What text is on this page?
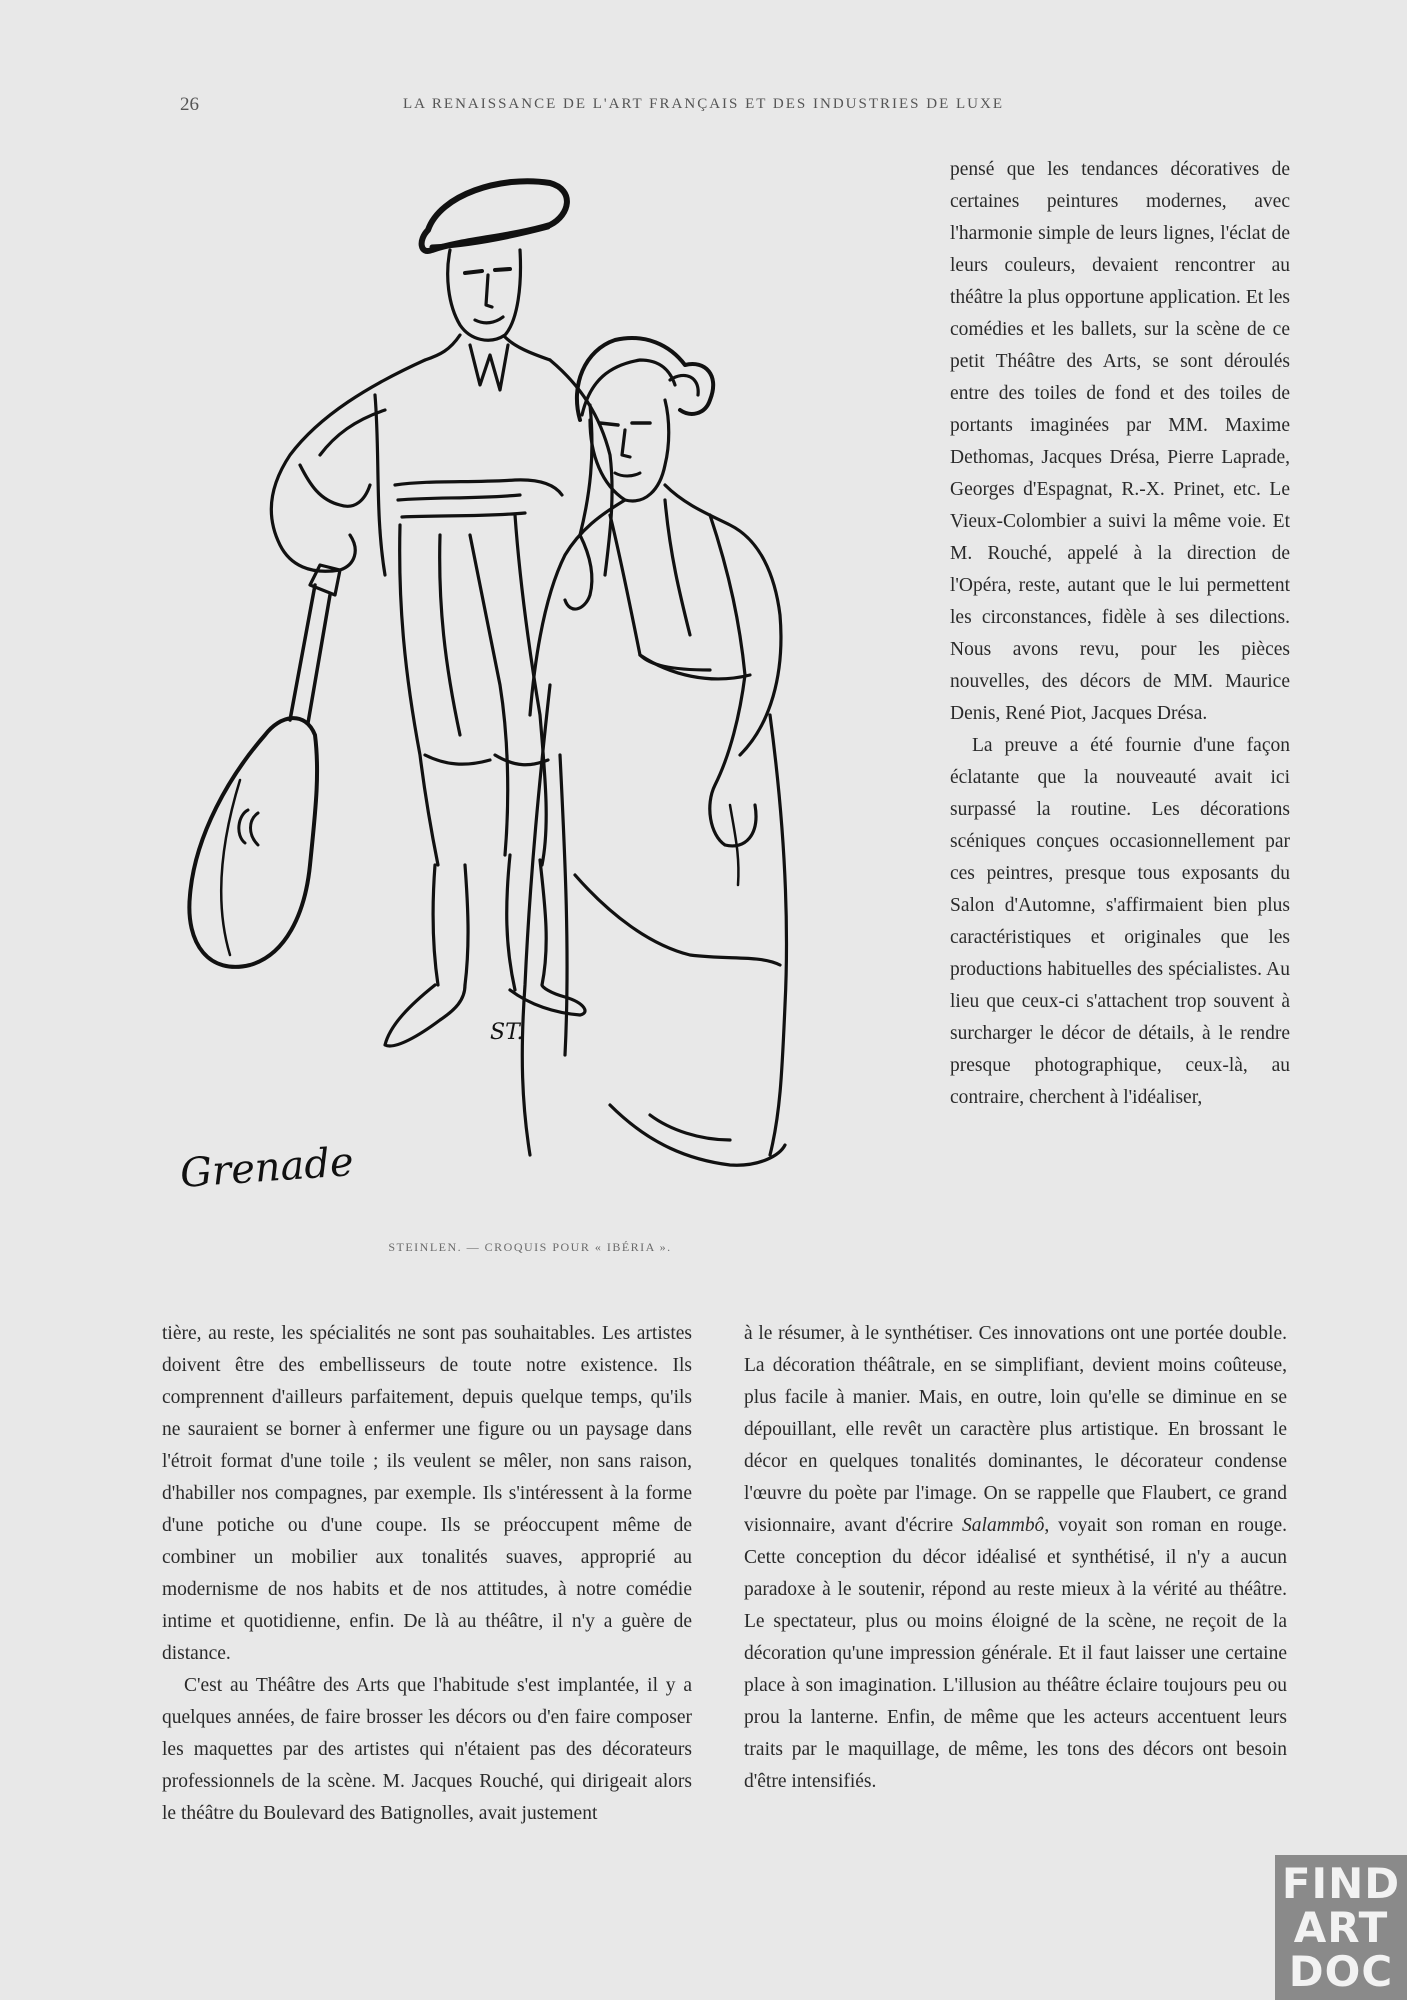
26	LA RENAISSANCE DE L'ART FRANÇAIS ET DES INDUSTRIES DE LUXE
Grenade
ST.
STEINLEN. — CROQUIS POUR « IBÉRIA ».

pensé que les tendances décoratives de certaines peintures modernes, avec l'harmonie simple de leurs lignes, l'éclat de leurs couleurs, devaient rencontrer au théâtre la plus opportune application. Et les comédies et les ballets, sur la scène de ce petit Théâtre des Arts, se sont déroulés entre des toiles de fond et des toiles de portants imaginées par MM. Maxime Dethomas, Jacques Drésa, Pierre Laprade, Georges d'Espagnat, R.-X. Prinet, etc. Le Vieux-Colombier a suivi la même voie. Et M. Rouché, appelé à la direction de l'Opéra, reste, autant que le lui permettent les circonstances, fidèle à ses dilections. Nous avons revu, pour les pièces nouvelles, des décors de MM. Maurice Denis, René Piot, Jacques Drésa.

La preuve a été fournie d'une façon éclatante que la nouveauté avait ici surpassé la routine. Les décorations scéniques conçues occasionnellement par ces peintres, presque tous exposants du Salon d'Automne, s'affirmaient bien plus caractéristiques et originales que les productions habituelles des spécialistes. Au lieu que ceux-ci s'attachent trop souvent à surcharger le décor de détails, à le rendre presque photographique, ceux-là, au contraire, cherchent à l'idéaliser,

tière, au reste, les spécialités ne sont pas souhaitables. Les artistes doivent être des embellisseurs de toute notre existence. Ils comprennent d'ailleurs parfaitement, depuis quelque temps, qu'ils ne sauraient se borner à enfermer une figure ou un paysage dans l'étroit format d'une toile ; ils veulent se mêler, non sans raison, d'habiller nos compagnes, par exemple. Ils s'intéressent à la forme d'une potiche ou d'une coupe. Ils se préoccupent même de combiner un mobilier aux tonalités suaves, approprié au modernisme de nos habits et de nos attitudes, à notre comédie intime et quotidienne, enfin. De là au théâtre, il n'y a guère de distance.

C'est au Théâtre des Arts que l'habitude s'est implantée, il y a quelques années, de faire brosser les décors ou d'en faire composer les maquettes par des artistes qui n'étaient pas des décorateurs professionnels de la scène. M. Jacques Rouché, qui dirigeait alors le théâtre du Boulevard des Batignolles, avait justement

à le résumer, à le synthétiser. Ces innovations ont une portée double. La décoration théâtrale, en se simplifiant, devient moins coûteuse, plus facile à manier. Mais, en outre, loin qu'elle se diminue en se dépouillant, elle revêt un caractère plus artistique. En brossant le décor en quelques tonalités dominantes, le décorateur condense l'œuvre du poète par l'image. On se rappelle que Flaubert, ce grand visionnaire, avant d'écrire Salammbô, voyait son roman en rouge. Cette conception du décor idéalisé et synthétisé, il n'y a aucun paradoxe à le soutenir, répond au reste mieux à la vérité au théâtre. Le spectateur, plus ou moins éloigné de la scène, ne reçoit de la décoration qu'une impression générale. Et il faut laisser une certaine place à son imagination. L'illusion au théâtre éclaire toujours peu ou prou la lanterne. Enfin, de même que les acteurs accentuent leurs traits par le maquillage, de même, les tons des décors ont besoin d'être intensifiés.

FIND
ART
DOC
